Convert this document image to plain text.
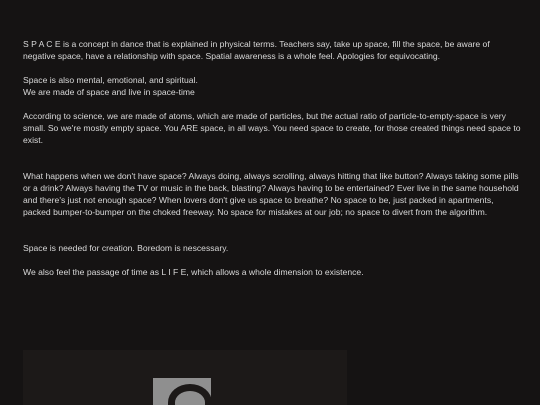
S P A C E is a concept in dance that is explained in physical terms. Teachers say, take up space, fill the space, be aware of negative space, have a relationship with space. Spatial awareness is a whole feel. Apologies for equivocating.

Space is also mental, emotional, and spiritual.

We are made of space and live in space-time

According to science, we are made of atoms, which are made of particles, but the actual ratio of particle-to-empty-space is very small. So we're mostly empty space. You ARE space, in all ways. You need space to create, for those created things need space to exist.

What happens when we don't have space? Always doing, always scrolling, always hitting that like button? Always taking some pills or a drink? Always having the TV or music in the back, blasting? Always having to be entertained? Ever live in the same household and there's just not enough space? When lovers don't give us space to breathe? No space to be, just packed in apartments, packed bumper-to-bumper on the choked freeway. No space for mistakes at our job; no space to divert from the algorithm.

Space is needed for creation. Boredom is nescessary.

We also feel the passage of time as L I F E, which allows a whole dimension to existence.
